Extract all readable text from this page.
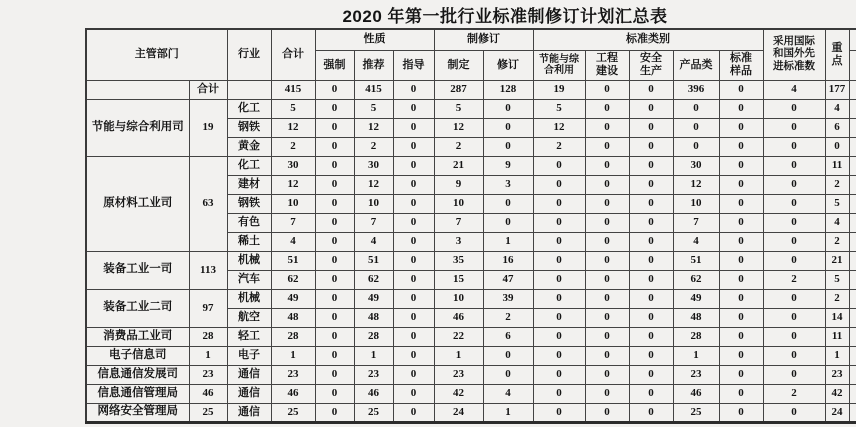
2020 年第一批行业标准制修订计划汇总表
主管部门		行业	合计	性质			制修订		标准类别					采用国际和国外先进标准数	重点	
				强制	推荐	指导	制定	修订	节能与综合利用	工程建设	安全生产	产品类	标准样品			
	合计		415	0	415	0	287	128	19	0	0	396	0	4	177	
节能与综合利用司	19	化工	5	0	5	0	5	0	5	0	0	0	0	0	4	
		钢铁	12	0	12	0	12	0	12	0	0	0	0	0	6	
		黄金	2	0	2	0	2	0	2	0	0	0	0	0	0	
原材料工业司	63	化工	30	0	30	0	21	9	0	0	0	30	0	0	11	
		建材	12	0	12	0	9	3	0	0	0	12	0	0	2	
		钢铁	10	0	10	0	10	0	0	0	0	10	0	0	5	
		有色	7	0	7	0	7	0	0	0	0	7	0	0	4	
		稀土	4	0	4	0	3	1	0	0	0	4	0	0	2	
装备工业一司	113	机械	51	0	51	0	35	16	0	0	0	51	0	0	21	
		汽车	62	0	62	0	15	47	0	0	0	62	0	2	5	
装备工业二司	97	机械	49	0	49	0	10	39	0	0	0	49	0	0	2	
		航空	48	0	48	0	46	2	0	0	0	48	0	0	14	
消费品工业司	28	轻工	28	0	28	0	22	6	0	0	0	28	0	0	11	
电子信息司	1	电子	1	0	1	0	1	0	0	0	0	1	0	0	1	
信息通信发展司	23	通信	23	0	23	0	23	0	0	0	0	23	0	0	23	
信息通信管理局	46	通信	46	0	46	0	42	4	0	0	0	46	0	2	42	
网络安全管理局	25	通信	25	0	25	0	24	1	0	0	0	25	0	0	24	
